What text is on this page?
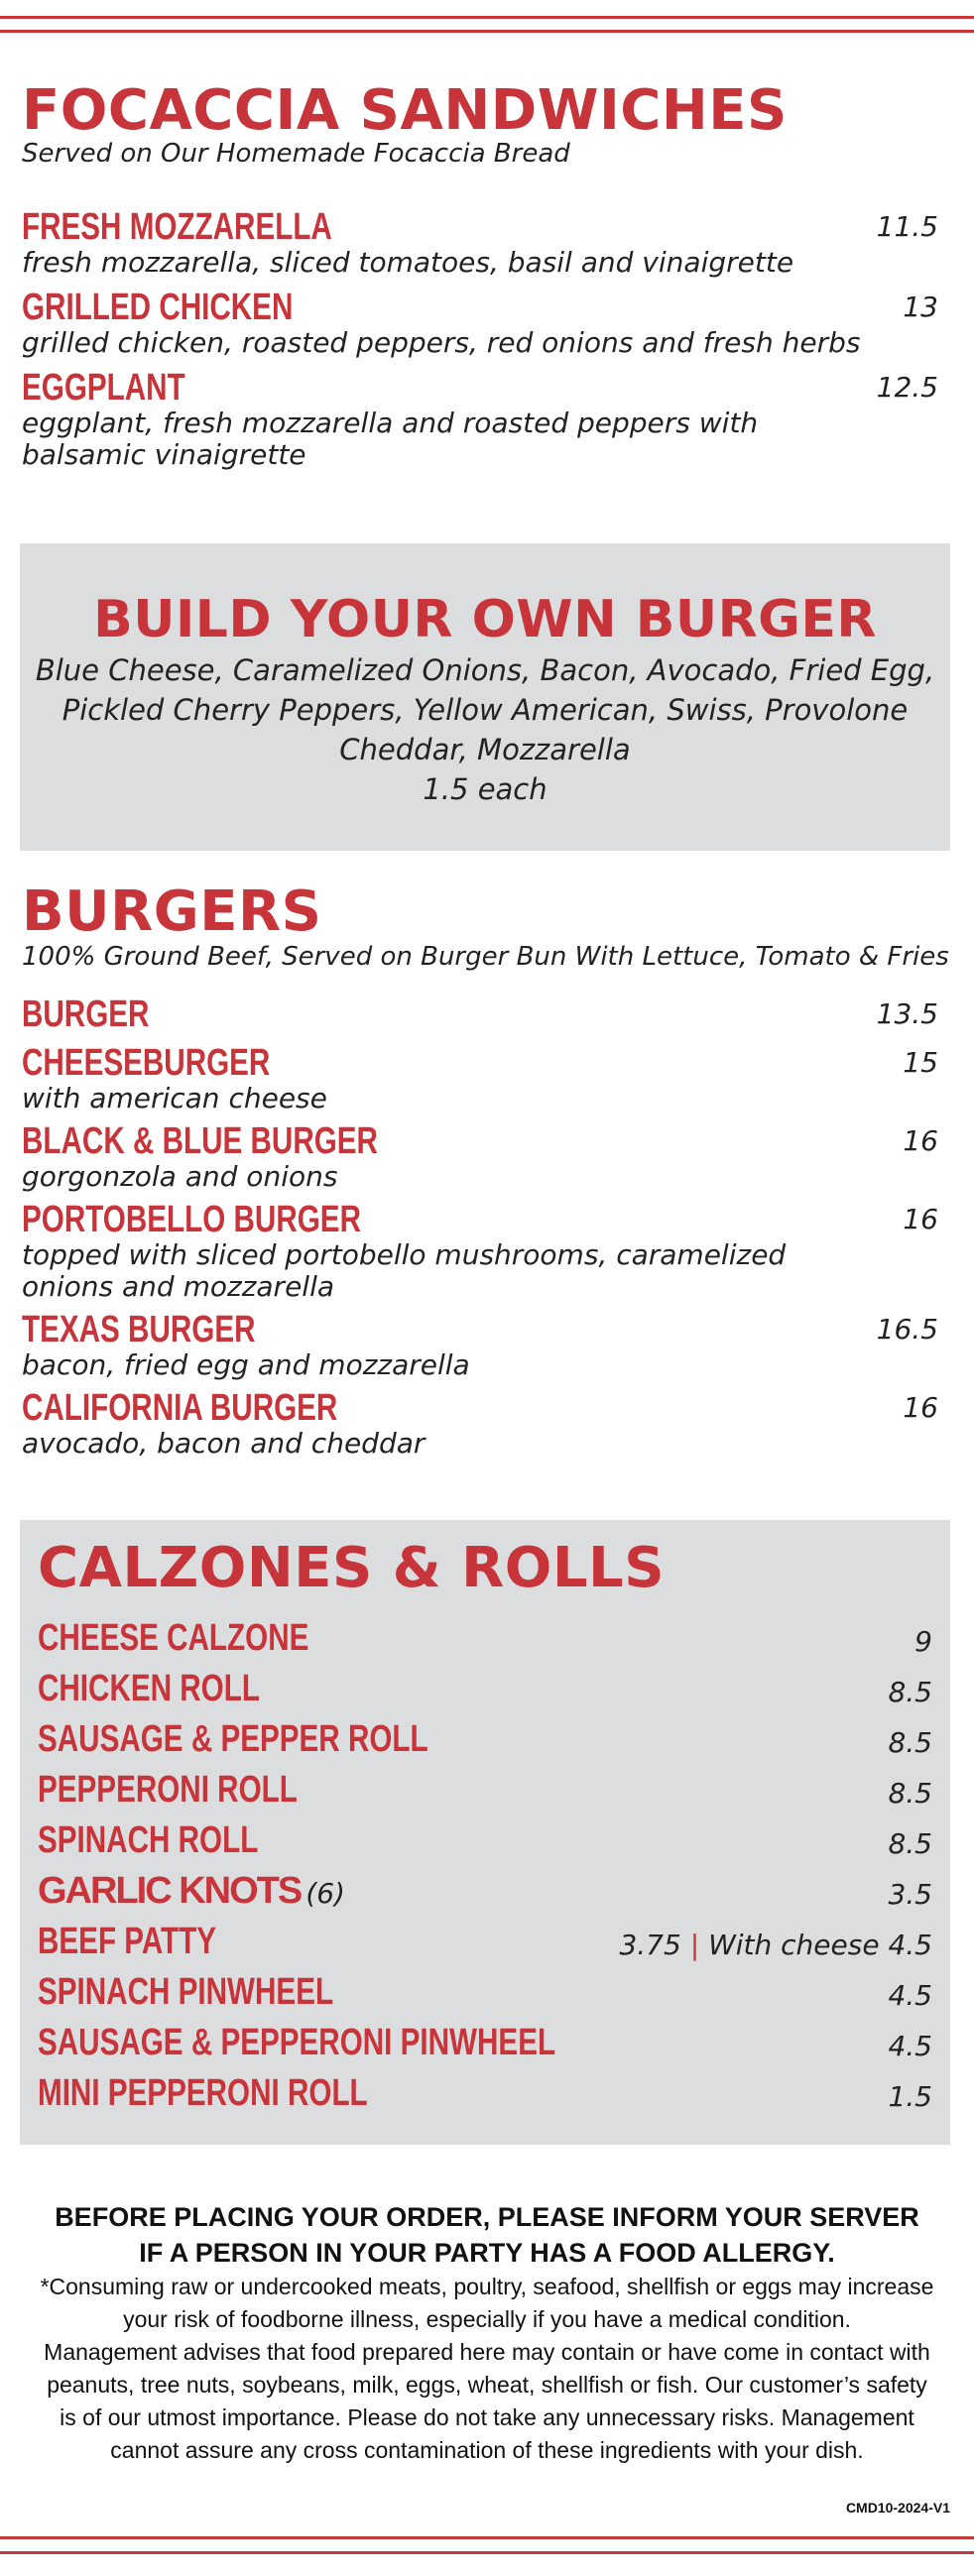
FOCACCIA SANDWICHES
Served on Our Homemade Focaccia Bread
FRESH MOZZARELLA	11.5
fresh mozzarella, sliced tomatoes, basil and vinaigrette
GRILLED CHICKEN	13
grilled chicken, roasted peppers, red onions and fresh herbs
EGGPLANT	12.5
eggplant, fresh mozzarella and roasted peppers with balsamic vinaigrette
BUILD YOUR OWN BURGER
Blue Cheese, Caramelized Onions, Bacon, Avocado, Fried Egg,
Pickled Cherry Peppers, Yellow American, Swiss, Provolone
Cheddar, Mozzarella
1.5 each
BURGERS
100% Ground Beef, Served on Burger Bun With Lettuce, Tomato & Fries
BURGER	13.5
CHEESEBURGER	15
with american cheese
BLACK & BLUE BURGER	16
gorgonzola and onions
PORTOBELLO BURGER	16
topped with sliced portobello mushrooms, caramelized onions and mozzarella
TEXAS BURGER	16.5
bacon, fried egg and mozzarella
CALIFORNIA BURGER	16
avocado, bacon and cheddar
CALZONES & ROLLS
CHEESE CALZONE	9
CHICKEN ROLL	8.5
SAUSAGE & PEPPER ROLL	8.5
PEPPERONI ROLL	8.5
SPINACH ROLL	8.5
GARLIC KNOTS (6)	3.5
BEEF PATTY	3.75 | With cheese 4.5
SPINACH PINWHEEL	4.5
SAUSAGE & PEPPERONI PINWHEEL	4.5
MINI PEPPERONI ROLL	1.5
BEFORE PLACING YOUR ORDER, PLEASE INFORM YOUR SERVER
IF A PERSON IN YOUR PARTY HAS A FOOD ALLERGY.
*Consuming raw or undercooked meats, poultry, seafood, shellfish or eggs may increase
your risk of foodborne illness, especially if you have a medical condition.
Management advises that food prepared here may contain or have come in contact with
peanuts, tree nuts, soybeans, milk, eggs, wheat, shellfish or fish. Our customer’s safety
is of our utmost importance. Please do not take any unnecessary risks. Management
cannot assure any cross contamination of these ingredients with your dish.
CMD10-2024-V1
